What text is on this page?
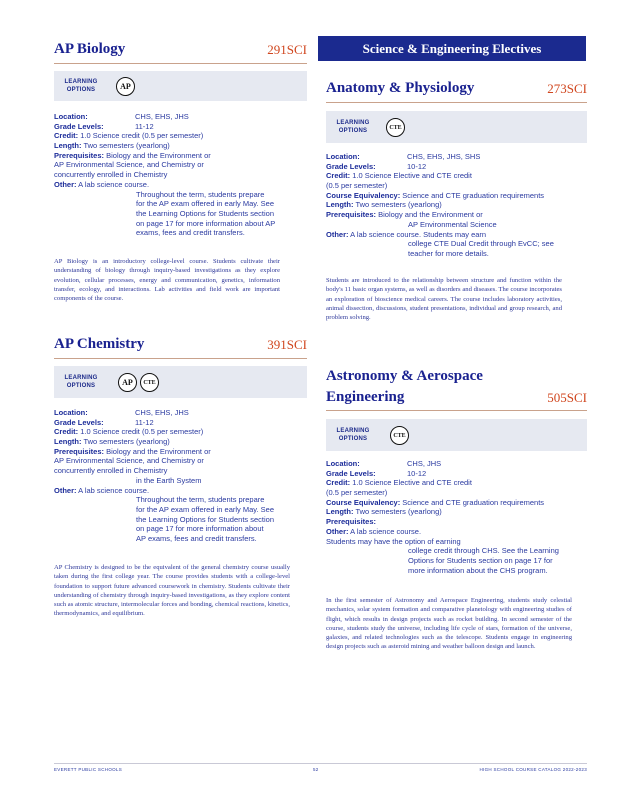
AP Biology	291SCI
LEARNING
OPTIONS	AP
Location:	CHS, EHS, JHS
Grade Levels:	11-12
Credit: 1.0 Science credit (0.5 per semester)
Length: Two semesters (yearlong)
Prerequisites: Biology and the Environment or
AP Environmental Science, and Chemistry or
concurrently enrolled in Chemistry
Other: A lab science course.
Throughout the term, students prepare
for the AP exam offered in early May. See
the Learning Options for Students section
on page 17 for more information about AP
exams, fees and credit transfers.
AP Biology is an introductory college-level course. Students cultivate their understanding of biology through inquiry-based investigations as they explore evolution, cellular processes, energy and communication, genetics, information transfer, ecology, and interactions. Lab activities and field work are important components of the course.
AP Chemistry	391SCI
LEARNING
OPTIONS	AP	CTE
Location:	CHS, EHS, JHS
Grade Levels:	11-12
Credit: 1.0 Science credit (0.5 per semester)
Length: Two semesters (yearlong)
Prerequisites: Biology and the Environment or
AP Environmental Science, and Chemistry or
concurrently enrolled in Chemistry
in the Earth System
Other: A lab science course.
Throughout the term, students prepare
for the AP exam offered in early May. See
the Learning Options for Students section
on page 17 for more information about
AP exams, fees and credit transfers.
AP Chemistry is designed to be the equivalent of the general chemistry course usually taken during the first college year. The course provides students with a college-level foundation to support future advanced coursework in chemistry. Students cultivate their understanding of chemistry through inquiry-based investigations, as they explore content such as atomic structure, intermolecular forces and bonding, chemical reactions, kinetics, thermodynamics, and equilibrium.
Science & Engineering Electives
Anatomy & Physiology	273SCI
LEARNING
OPTIONS
CTE
Location:	CHS, EHS, JHS, SHS
Grade Levels:	10-12
Credit: 1.0 Science Elective and CTE credit
(0.5 per semester)
Course Equivalency: Science and CTE graduation requirements
Length: Two semesters (yearlong)
Prerequisites: Biology and the Environment or
AP Environmental Science
Other: A lab science course. Students may earn
college CTE Dual Credit through EvCC; see
teacher for more details.
Students are introduced to the relationship between structure and function within the body's 11 basic organ systems, as well as disorders and diseases. The course incorporates an exploration of bioscience medical careers. The course includes laboratory activities, animal dissection, discussions, student presentations, individual and group research, and problem solving.
Astronomy & Aerospace
Engineering	505SCI
LEARNING
OPTIONS
CTE
Location:	CHS, JHS
Grade Levels:	10-12
Credit: 1.0 Science Elective and CTE credit
(0.5 per semester)
Course Equivalency: Science and CTE graduation requirements
Length: Two semesters (yearlong)
Prerequisites:
Other: A lab science course.
Students may have the option of earning
college credit through CHS. See the Learning
Options for Students section on page 17 for
more information about the CHS program.
In the first semester of Astronomy and Aerospace Engineering, students study celestial mechanics, solar system formation and comparative planetology with engineering studies of flight, which results in design projects such as rocket building. In second semester of the course, students study the universe, including life cycle of stars, formation of the universe, galaxies, and related technologies such as the telescope. Students engage in engineering design projects such as asteroid mining and weather balloon design and launch.
EVERETT PUBLIC SCHOOLS	52	HIGH SCHOOL COURSE CATALOG 2022-2023
